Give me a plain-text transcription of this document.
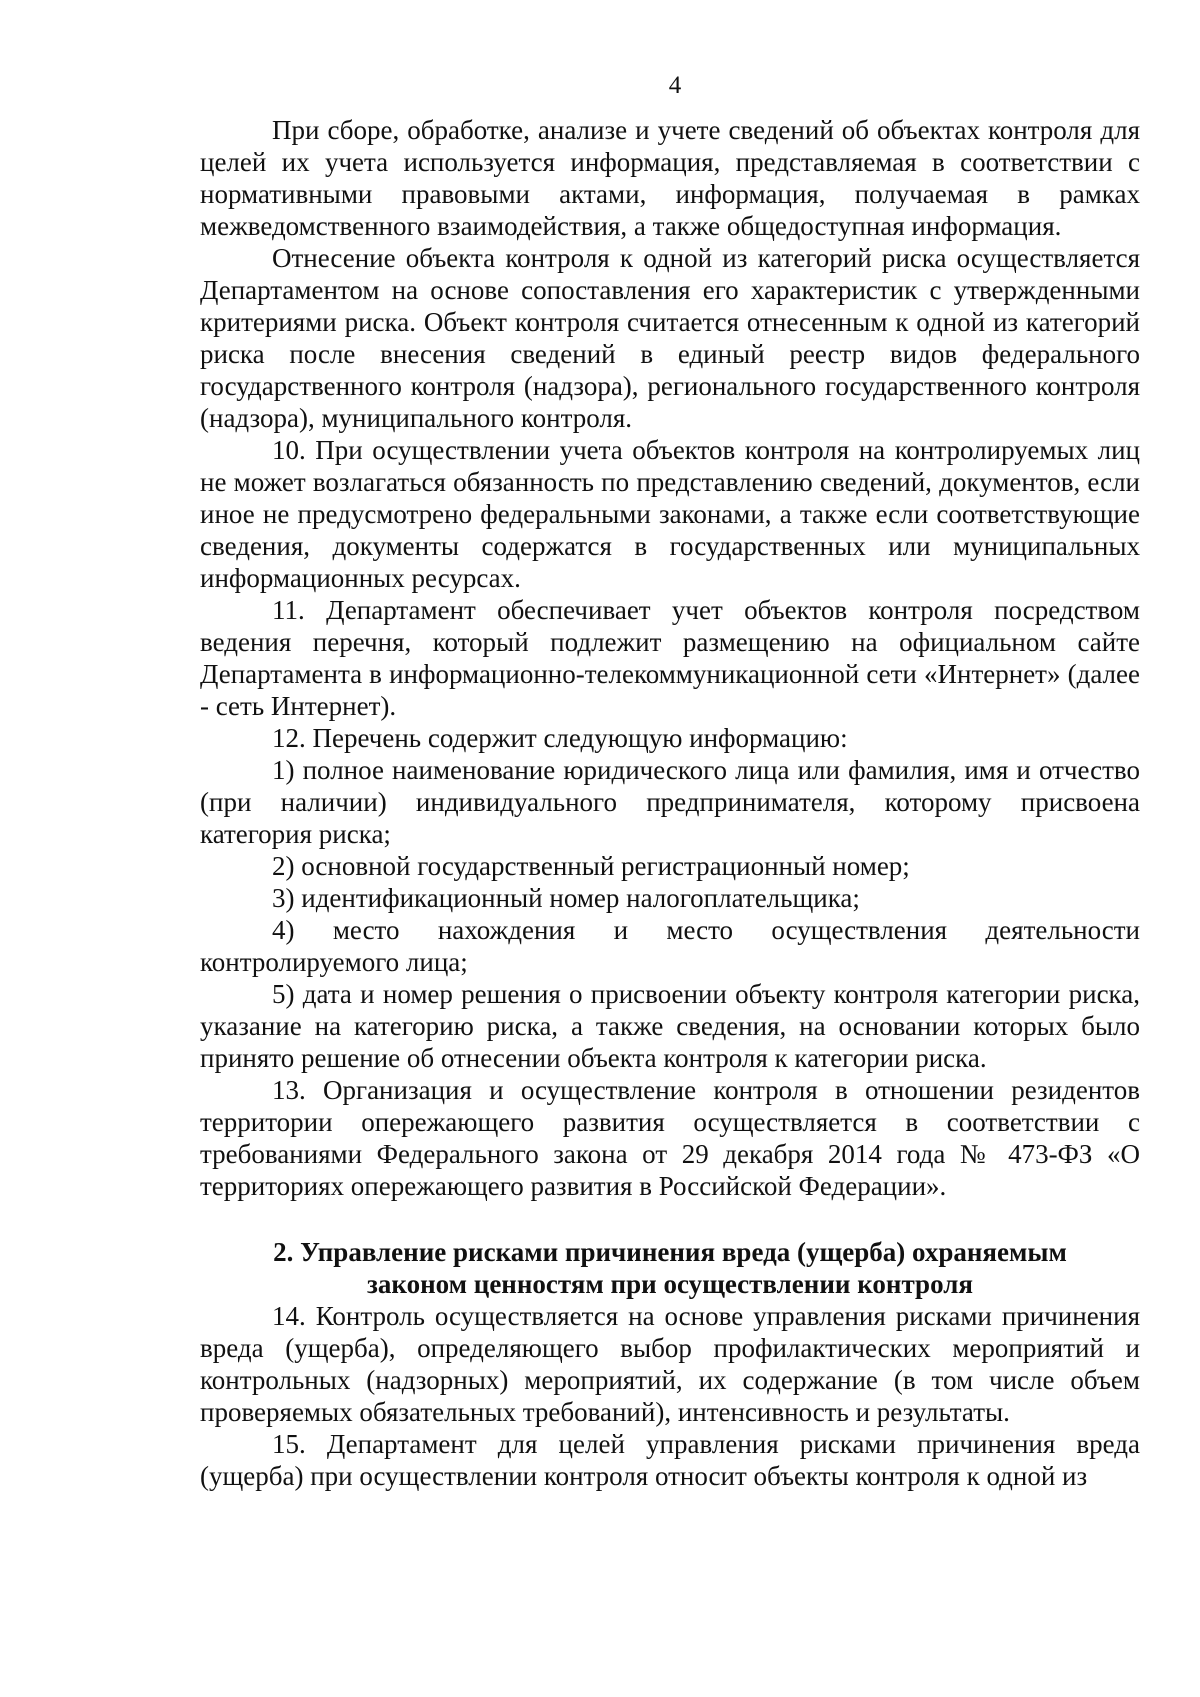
4

При сборе, обработке, анализе и учете сведений об объектах контроля для целей их учета используется информация, представляемая в соответствии с нормативными правовыми актами, информация, получаемая в рамках межведомственного взаимодействия, а также общедоступная информация.

Отнесение объекта контроля к одной из категорий риска осуществляется Департаментом на основе сопоставления его характеристик с утвержденными критериями риска. Объект контроля считается отнесенным к одной из категорий риска после внесения сведений в единый реестр видов федерального государственного контроля (надзора), регионального государственного контроля (надзора), муниципального контроля.

10. При осуществлении учета объектов контроля на контролируемых лиц не может возлагаться обязанность по представлению сведений, документов, если иное не предусмотрено федеральными законами, а также если соответствующие сведения, документы содержатся в государственных или муниципальных информационных ресурсах.

11. Департамент обеспечивает учет объектов контроля посредством ведения перечня, который подлежит размещению на официальном сайте Департамента в информационно-телекоммуникационной сети «Интернет» (далее - сеть Интернет).

12. Перечень содержит следующую информацию:

1) полное наименование юридического лица или фамилия, имя и отчество (при наличии) индивидуального предпринимателя, которому присвоена категория риска;

2) основной государственный регистрационный номер;

3) идентификационный номер налогоплательщика;

4) место нахождения и место осуществления деятельности контролируемого лица;

5) дата и номер решения о присвоении объекту контроля категории риска, указание на категорию риска, а также сведения, на основании которых было принято решение об отнесении объекта контроля к категории риска.

13. Организация и осуществление контроля в отношении резидентов территории опережающего развития осуществляется в соответствии с требованиями Федерального закона от 29 декабря 2014 года № 473-ФЗ «О территориях опережающего развития в Российской Федерации».

2. Управление рисками причинения вреда (ущерба) охраняемым
законом ценностям при осуществлении контроля

14. Контроль осуществляется на основе управления рисками причинения вреда (ущерба), определяющего выбор профилактических мероприятий и контрольных (надзорных) мероприятий, их содержание (в том числе объем проверяемых обязательных требований), интенсивность и результаты.

15. Департамент для целей управления рисками причинения вреда (ущерба) при осуществлении контроля относит объекты контроля к одной из
